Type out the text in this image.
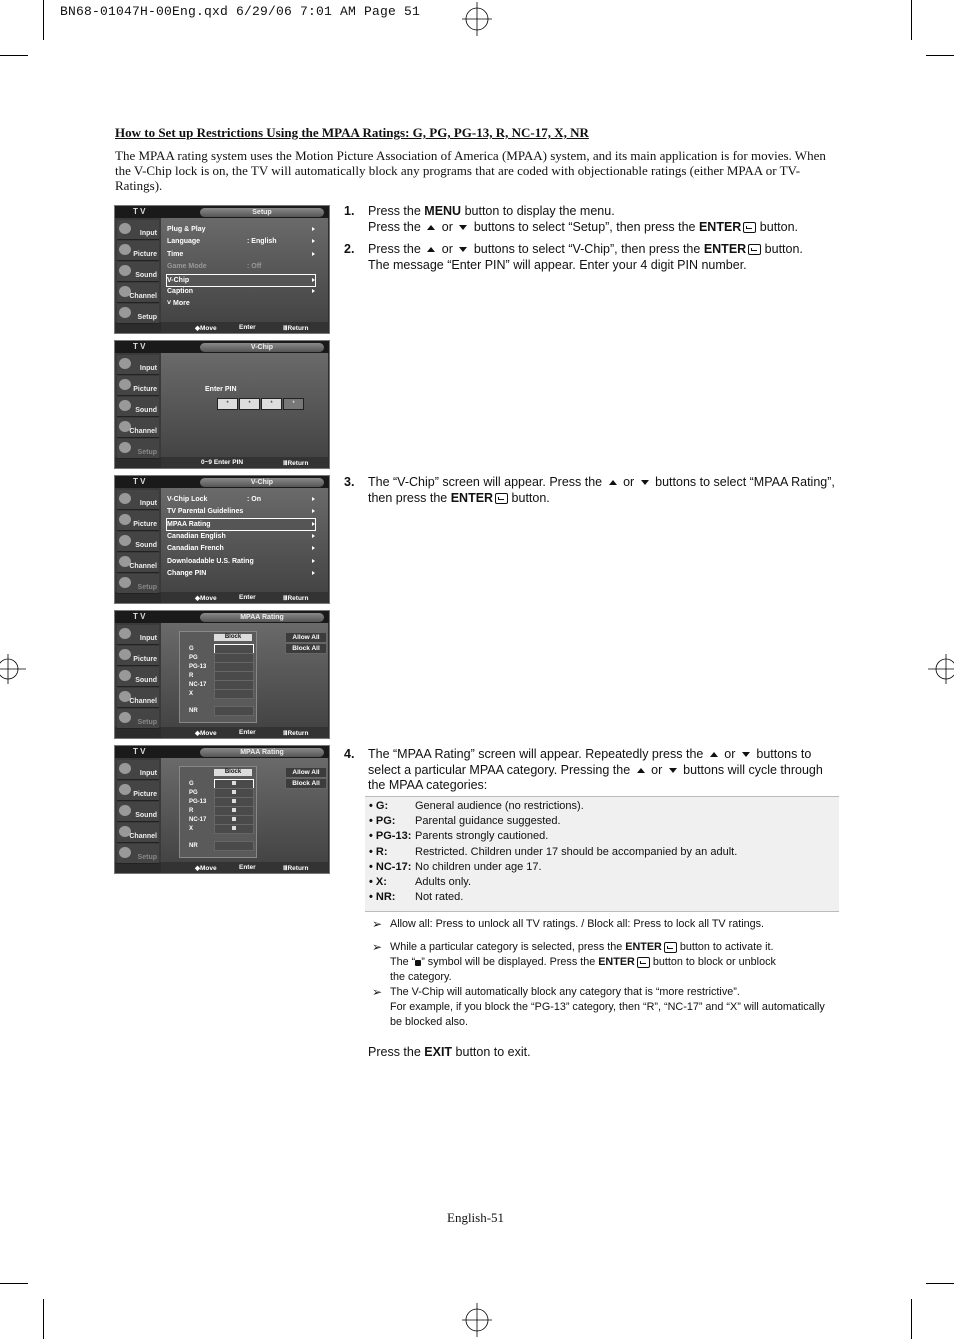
BN68-01047H-00Eng.qxd 6/29/06 7:01 AM Page 51
How to Set up Restrictions Using the MPAA Ratings: G, PG, PG-13, R, NC-17, X, NR
The MPAA rating system uses the Motion Picture Association of America (MPAA) system, and its main application is for movies. When the V-Chip lock is on, the TV will automatically block any programs that are coded with objectionable ratings (either MPAA or TV-Ratings).
1. Press the MENU button to display the menu.
Press the  or  buttons to select “Setup”, then press the ENTER button.
2. Press the  or  buttons to select “V-Chip”, then press the ENTER button.
The message “Enter PIN” will appear. Enter your 4 digit PIN number.
3. The “V-Chip” screen will appear. Press the  or  buttons to select “MPAA Rating”,
then press the ENTER button.
4. The “MPAA Rating” screen will appear. Repeatedly press the  or  buttons to
select a particular MPAA category. Pressing the  or  buttons will cycle through
the MPAA categories:
• G: General audience (no restrictions).
• PG: Parental guidance suggested.
• PG-13: Parents strongly cautioned.
• R: Restricted. Children under 17 should be accompanied by an adult.
• NC-17: No children under age 17.
• X:	Adults only.
• NR: Not rated.
➢ Allow all: Press to unlock all TV ratings. / Block all: Press to lock all TV ratings.
➢ While a particular category is selected, press the ENTER button to activate it.
The “ ” symbol will be displayed. Press the ENTER button to block or unblock
the category.
➢ The V-Chip will automatically block any category that is “more restrictive”.
For example, if you block the “PG-13” category, then “R”, “NC-17” and “X” will automatically
be blocked also.
Press the EXIT button to exit.
English-51
T V	Setup
Input
Picture
Sound
Channel
Setup
Plug & Play
Language	: English
Time
Game Mode	: Off
V-Chip
Caption
˅ More
◆Move	Enter	ⅢReturn
T V	V-Chip
Input
Picture
Sound
Channel
Setup
Enter PIN
*	*	*	*
0~9 Enter PIN	ⅢReturn
T V	V-Chip
Input
Picture
Sound
Channel
Setup
V-Chip Lock	: On
TV Parental Guidelines
MPAA Rating
Canadian English
Canadian French
Downloadable U.S. Rating
Change PIN
◆Move	Enter	ⅢReturn
T V	MPAA Rating
Input
Picture
Sound
Channel
Setup
Block
G
PG
PG-13
R
NC-17
X
NR
Allow All
Block All
◆Move	Enter	ⅢReturn
T V	MPAA Rating
Input
Picture
Sound
Channel
Setup
Block
G
PG
PG-13
R
NC-17
X
NR
Allow All
Block All
◆Move	Enter	ⅢReturn
